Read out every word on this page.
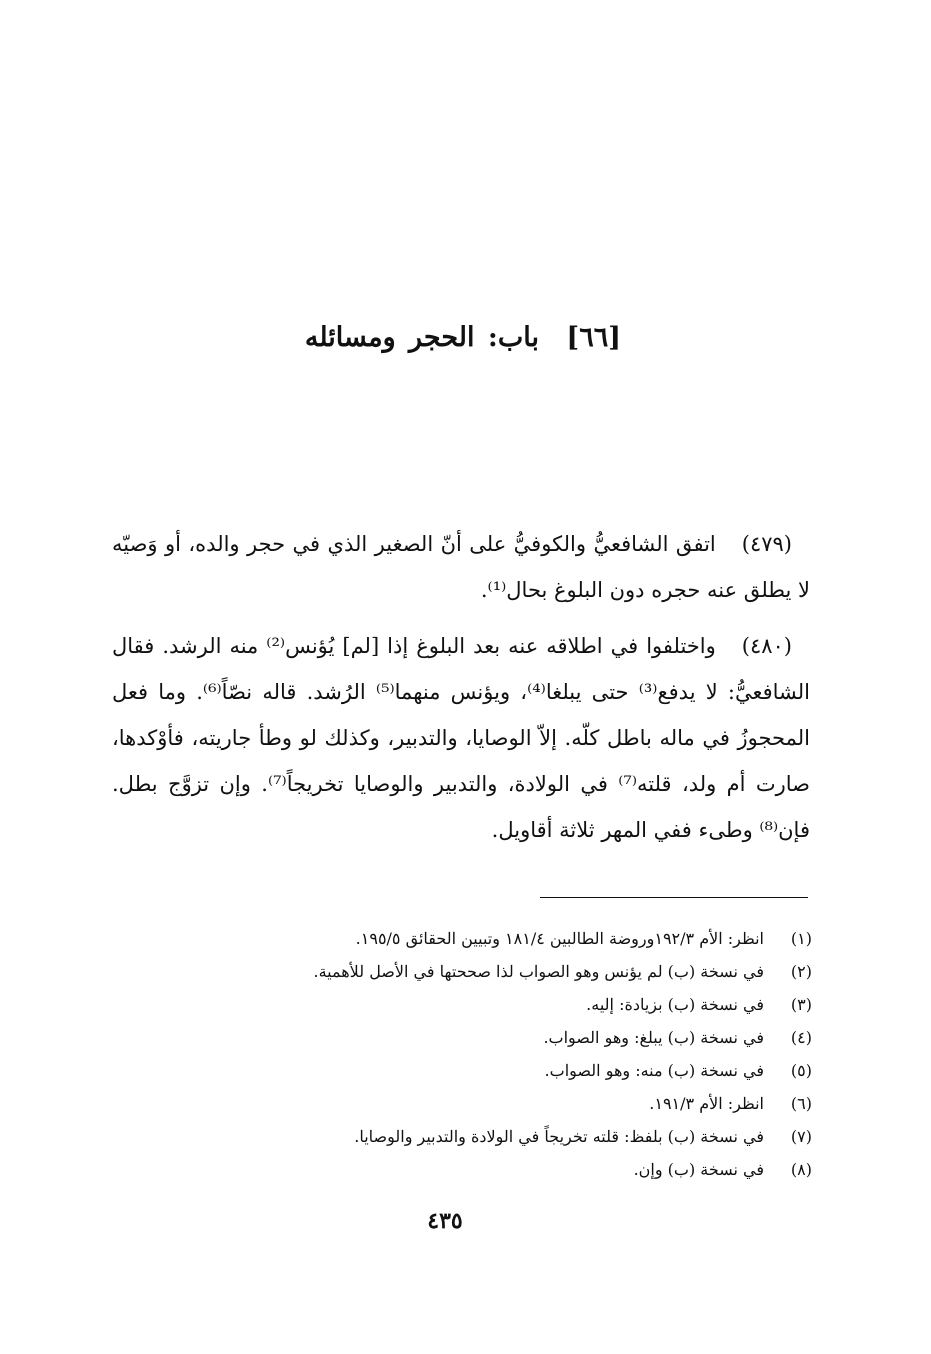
[٦٦] باب: الحجر ومسائله

(٤٧٩)اتفق الشافعيُّ والكوفيُّ على أنّ الصغير الذي في حجر والده، أو وَصيّه لا يطلق عنه حجره دون البلوغ بحال⁽¹⁾.

(٤٨٠)واختلفوا في اطلاقه عنه بعد البلوغ إذا [لم] يُؤنس⁽²⁾ منه الرشد. فقال الشافعيُّ: لا يدفع⁽³⁾ حتى يبلغا⁽⁴⁾، ويؤنس منهما⁽⁵⁾ الرُشد. قاله نصّاً⁽⁶⁾. وما فعل المحجوزُ في ماله باطل كلّه. إلاّ الوصايا، والتدبير، وكذلك لو وطأ جاريته، فأوْكدها، صارت أم ولد، قلته⁽⁷⁾ في الولادة، والتدبير والوصايا تخريجاً⁽⁷⁾. وإن تزوَّج بطل. فإن⁽⁸⁾ وطىء ففي المهر ثلاثة أقاويل.

(١)
انظر: الأم ١٩٢/٣وروضة الطالبين ١٨١/٤ وتبيين الحقائق ١٩٥/٥.
(٢)
في نسخة (ب) لم يؤنس وهو الصواب لذا صححتها في الأصل للأهمية.
(٣)
في نسخة (ب) بزيادة: إليه.
(٤)
في نسخة (ب) يبلغ: وهو الصواب.
(٥)
في نسخة (ب) منه: وهو الصواب.
(٦)
انظر: الأم ١٩١/٣.
(٧)
في نسخة (ب) بلفظ: قلته تخريجاً في الولادة والتدبير والوصايا.
(٨)
في نسخة (ب) وإن.
٤٣٥
